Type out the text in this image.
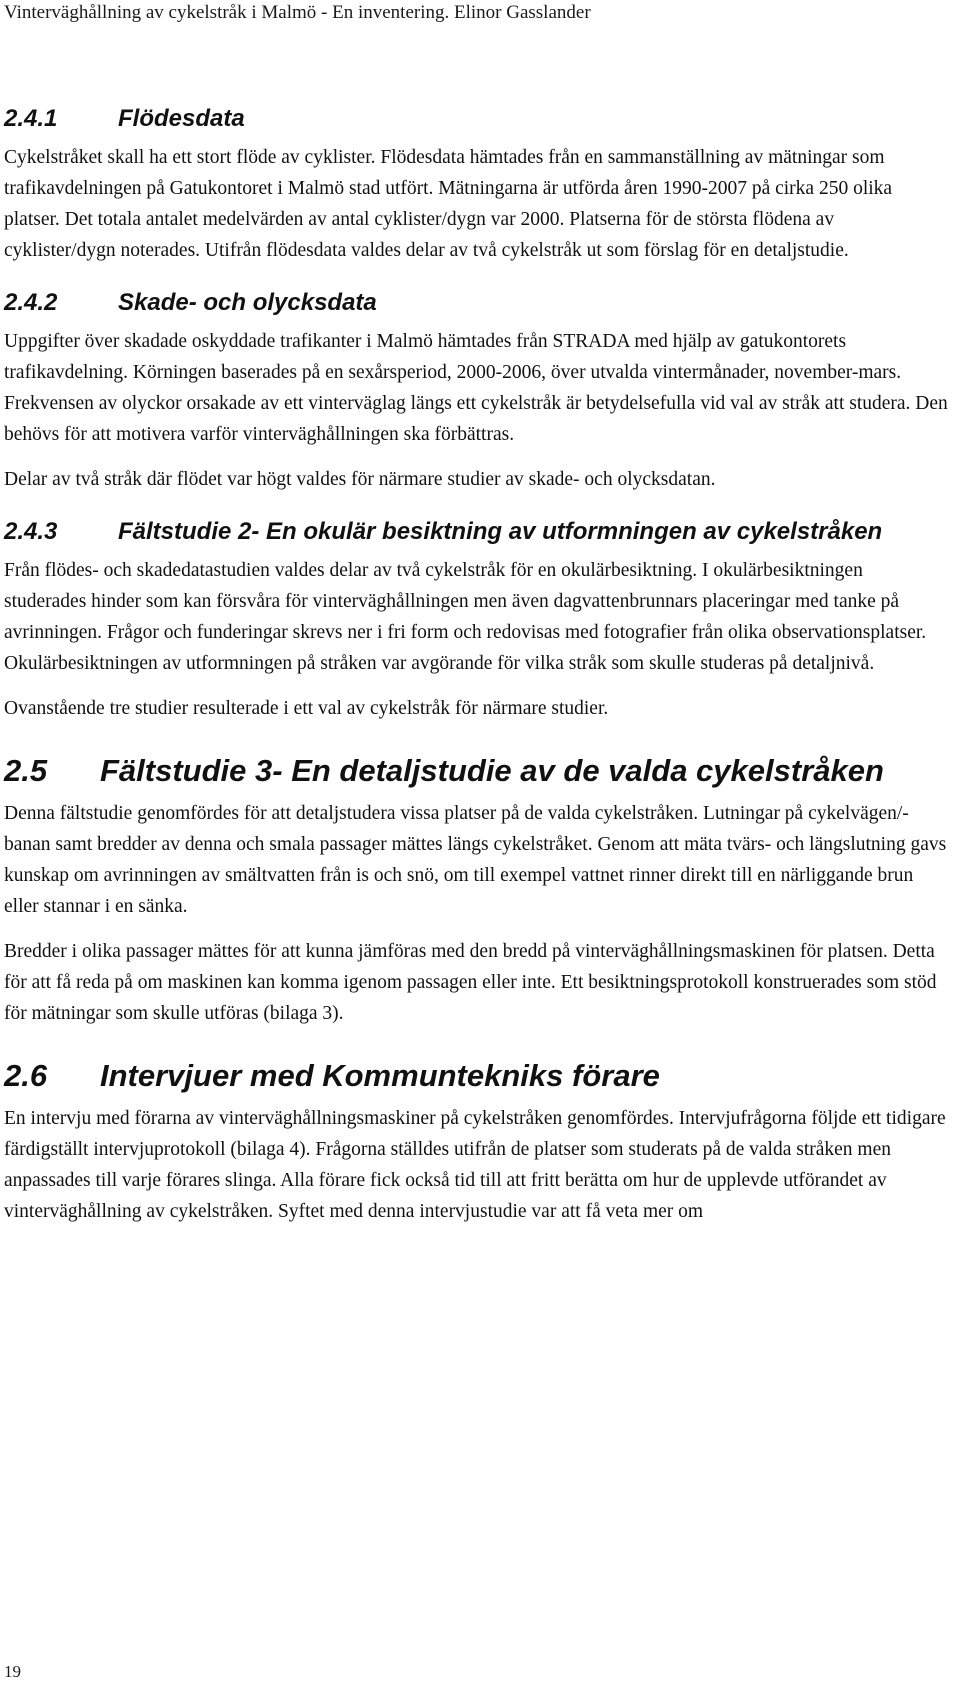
Vinterväghållning av cykelstråk i Malmö - En inventering. Elinor Gasslander
2.4.1	Flödesdata

Cykelstråket skall ha ett stort flöde av cyklister. Flödesdata hämtades från en sammanställning av mätningar som trafikavdelningen på Gatukontoret i Malmö stad utfört. Mätningarna är utförda åren 1990-2007 på cirka 250 olika platser. Det totala antalet medelvärden av antal cyklister/dygn var 2000. Platserna för de största flödena av cyklister/dygn noterades. Utifrån flödesdata valdes delar av två cykelstråk ut som förslag för en detaljstudie.

2.4.2	Skade- och olycksdata

Uppgifter över skadade oskyddade trafikanter i Malmö hämtades från STRADA med hjälp av gatukontorets trafikavdelning. Körningen baserades på en sexårsperiod, 2000-2006, över utvalda vintermånader, november-mars. Frekvensen av olyckor orsakade av ett vinterväglag längs ett cykelstråk är betydelsefulla vid val av stråk att studera. Den behövs för att motivera varför vinterväghållningen ska förbättras.

Delar av två stråk där flödet var högt valdes för närmare studier av skade- och olycksdatan.

2.4.3	Fältstudie 2- En okulär besiktning av utformningen av cykelstråken

Från flödes- och skadedatastudien valdes delar av två cykelstråk för en okulärbesiktning. I okulärbesiktningen studerades hinder som kan försvåra för vinterväghållningen men även dagvattenbrunnars placeringar med tanke på avrinningen. Frågor och funderingar skrevs ner i fri form och redovisas med fotografier från olika observationsplatser. Okulärbesiktningen av utformningen på stråken var avgörande för vilka stråk som skulle studeras på detaljnivå.

Ovanstående tre studier resulterade i ett val av cykelstråk för närmare studier.

2.5 Fältstudie 3- En detaljstudie av de valda cykelstråken

Denna fältstudie genomfördes för att detaljstudera vissa platser på de valda cykelstråken. Lutningar på cykelvägen/-banan samt bredder av denna och smala passager mättes längs cykelstråket. Genom att mäta tvärs- och längslutning gavs kunskap om avrinningen av smältvatten från is och snö, om till exempel vattnet rinner direkt till en närliggande brun eller stannar i en sänka.

Bredder i olika passager mättes för att kunna jämföras med den bredd på vinterväghållningsmaskinen för platsen. Detta för att få reda på om maskinen kan komma igenom passagen eller inte. Ett besiktningsprotokoll konstruerades som stöd för mätningar som skulle utföras (bilaga 3).

2.6 Intervjuer med Kommuntekniks förare

En intervju med förarna av vinterväghållningsmaskiner på cykelstråken genomfördes. Intervjufrågorna följde ett tidigare färdigställt intervjuprotokoll (bilaga 4). Frågorna ställdes utifrån de platser som studerats på de valda stråken men anpassades till varje förares slinga. Alla förare fick också tid till att fritt berätta om hur de upplevde utförandet av vinterväghållning av cykelstråken. Syftet med denna intervjustudie var att få veta mer om

19
